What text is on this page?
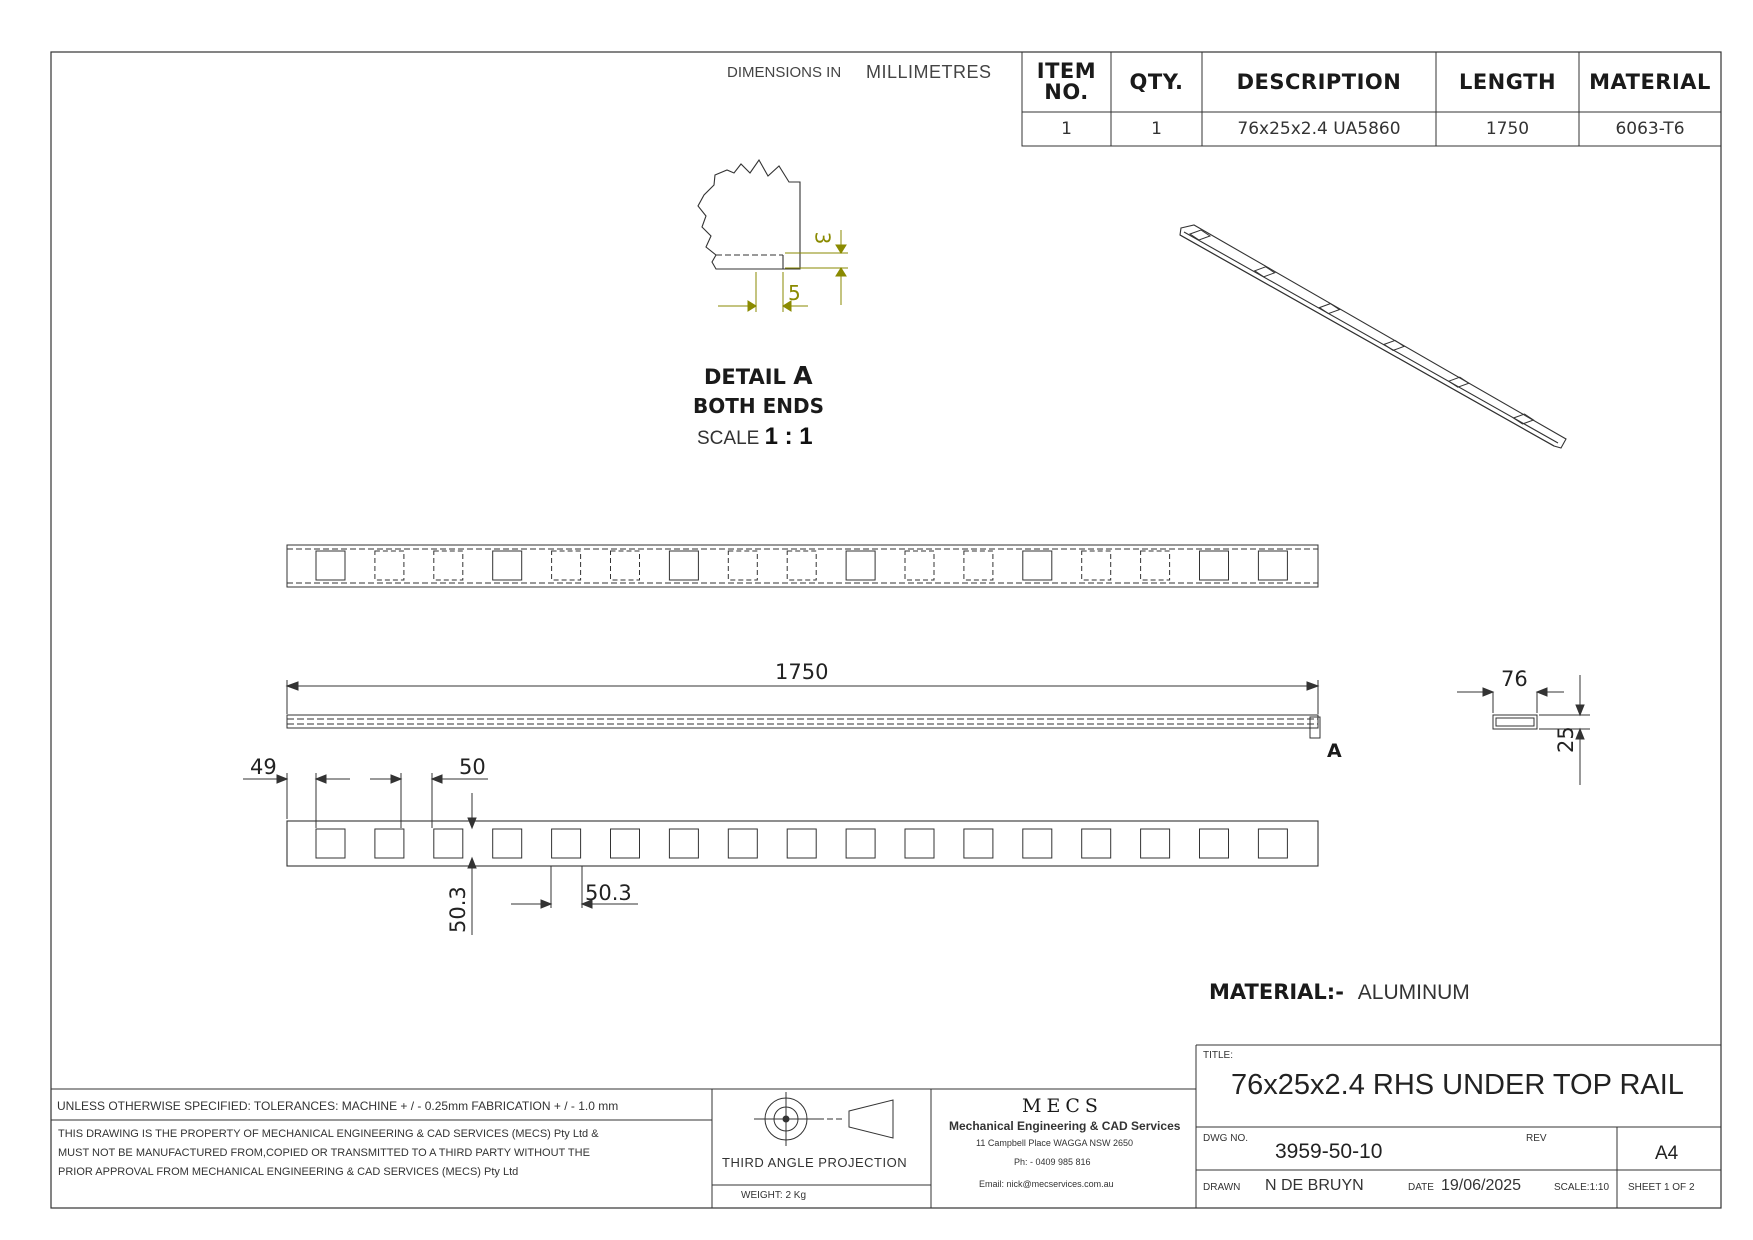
DIMENSIONS IN MILLIMETRES ITEM
NO.	QTY.	DESCRIPTION	LENGTH	MATERIAL
1	1	76x25x2.4 UA5860	1750	6063-T6
3
5
DETAIL A
BOTH ENDS
SCALE 1 : 1
1750
A
76
25
49	50
50.3	50.3
MATERIAL:- ALUMINUM
UNLESS OTHERWISE SPECIFIED: TOLERANCES: MACHINE + / - 0.25mm FABRICATION + / - 1.0 mm
THIS DRAWING IS THE PROPERTY OF MECHANICAL ENGINEERING & CAD SERVICES (MECS) Pty Ltd &
MUST NOT BE MANUFACTURED FROM,COPIED OR TRANSMITTED TO A THIRD PARTY WITHOUT THE
PRIOR APPROVAL FROM MECHANICAL ENGINEERING & CAD SERVICES (MECS) Pty Ltd
THIRD ANGLE PROJECTION
WEIGHT: 2 Kg
MECS
Mechanical Engineering & CAD Services
11 Campbell Place WAGGA NSW 2650
Ph: - 0409 985 816
Email: nick@mecservices.com.au
TITLE:
76x25x2.4 RHS UNDER TOP RAIL
DWG NO.
3959-50-10
REV
A4
DRAWN N DE BRUYN	DATE 19/06/2025	SCALE:1:10 SHEET 1 OF 2
